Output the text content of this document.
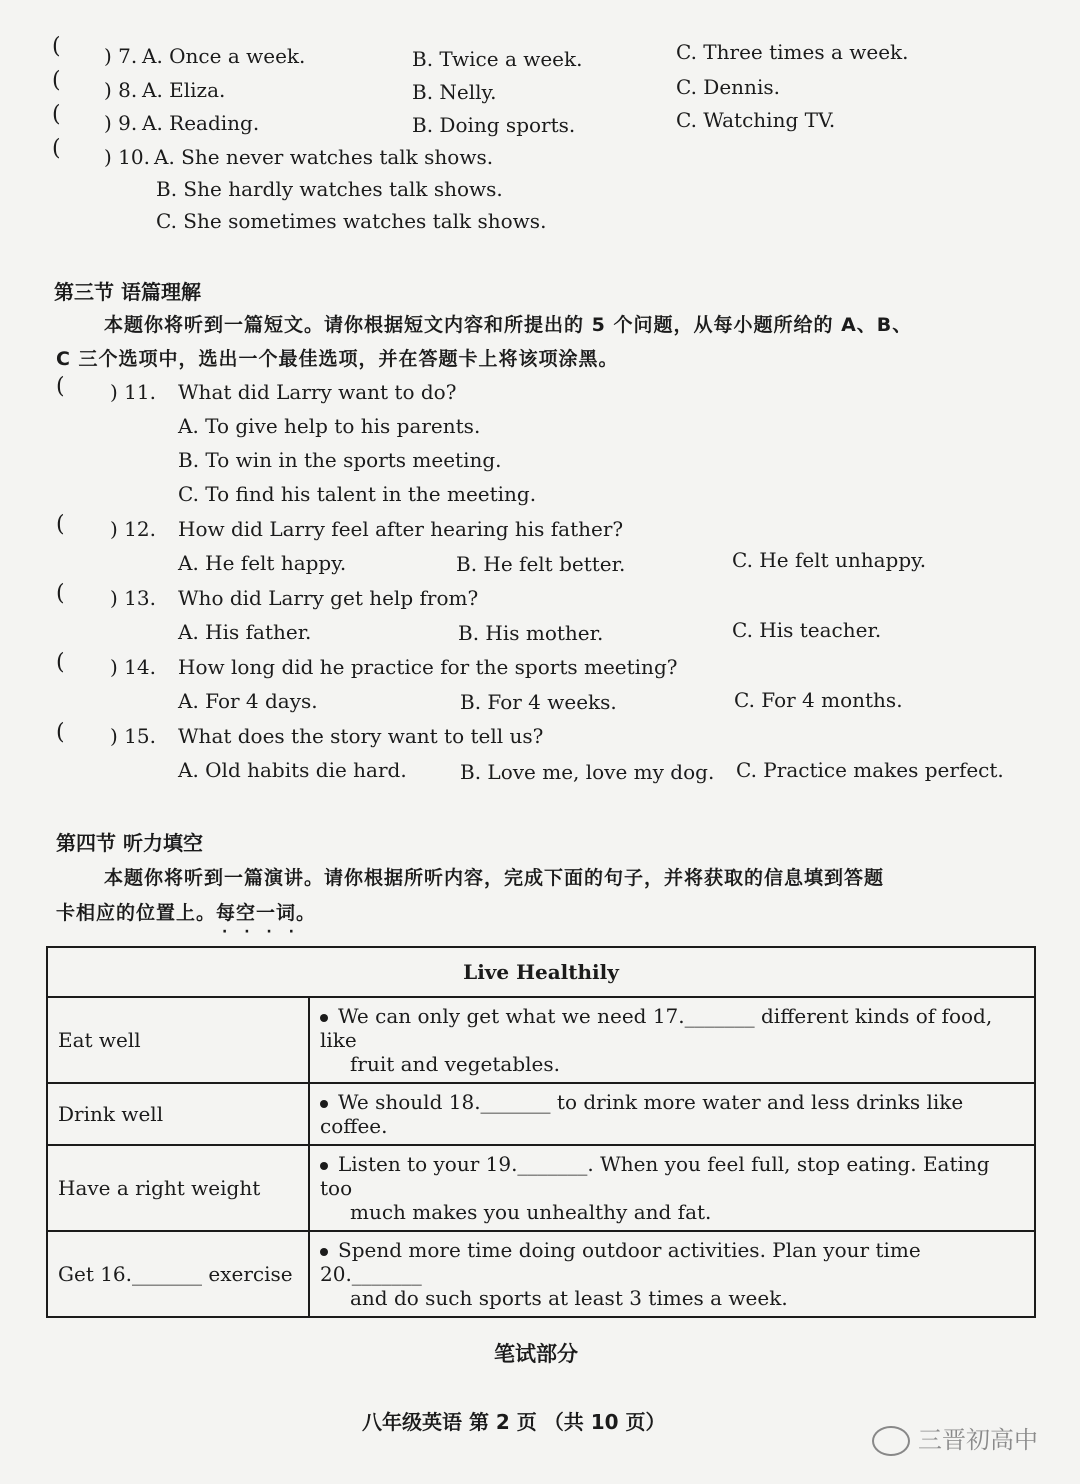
( ) 7. A. Once a week.	B. Twice a week.	C. Three times a week.
( ) 8. A. Eliza.	B. Nelly.	C. Dennis.
( ) 9. A. Reading.	B. Doing sports.	C. Watching TV.
( ) 10. A. She never watches talk shows.
B. She hardly watches talk shows.
C. She sometimes watches talk shows.
第三节 语篇理解
本题你将听到一篇短文。请你根据短文内容和所提出的 5 个问题，从每小题所给的 A、B、
C 三个选项中，选出一个最佳选项，并在答题卡上将该项涂黑。
( ) 11. What did Larry want to do?
A. To give help to his parents.
B. To win in the sports meeting.
C. To find his talent in the meeting.
( ) 12. How did Larry feel after hearing his father?
A. He felt happy.	B. He felt better.	C. He felt unhappy.
( ) 13. Who did Larry get help from?
A. His father.	B. His mother.	C. His teacher.
( ) 14. How long did he practice for the sports meeting?
A. For 4 days.	B. For 4 weeks.	C. For 4 months.
( ) 15. What does the story want to tell us?
A. Old habits die hard.	B. Love me, love my dog. C. Practice makes perfect.
第四节 听力填空
本题你将听到一篇演讲。请你根据所听内容，完成下面的句子，并将获取的信息填到答题
卡相应的位置上。每空一词。 · · · ·
Live Healthily	
Eat well	We can only get what we need 17._______ different kinds of food, like
fruit and vegetables.
Drink well	We should 18._______ to drink more water and less drinks like coffee.
Have a right weight	Listen to your 19._______. When you feel full, stop eating. Eating too
much makes you unhealthy and fat.
Get 16._______ exercise	Spend more time doing outdoor activities. Plan your time 20._______
and do such sports at least 3 times a week.
笔试部分
八年级英语 第 2 页 （共 10 页）
三晋初高中
